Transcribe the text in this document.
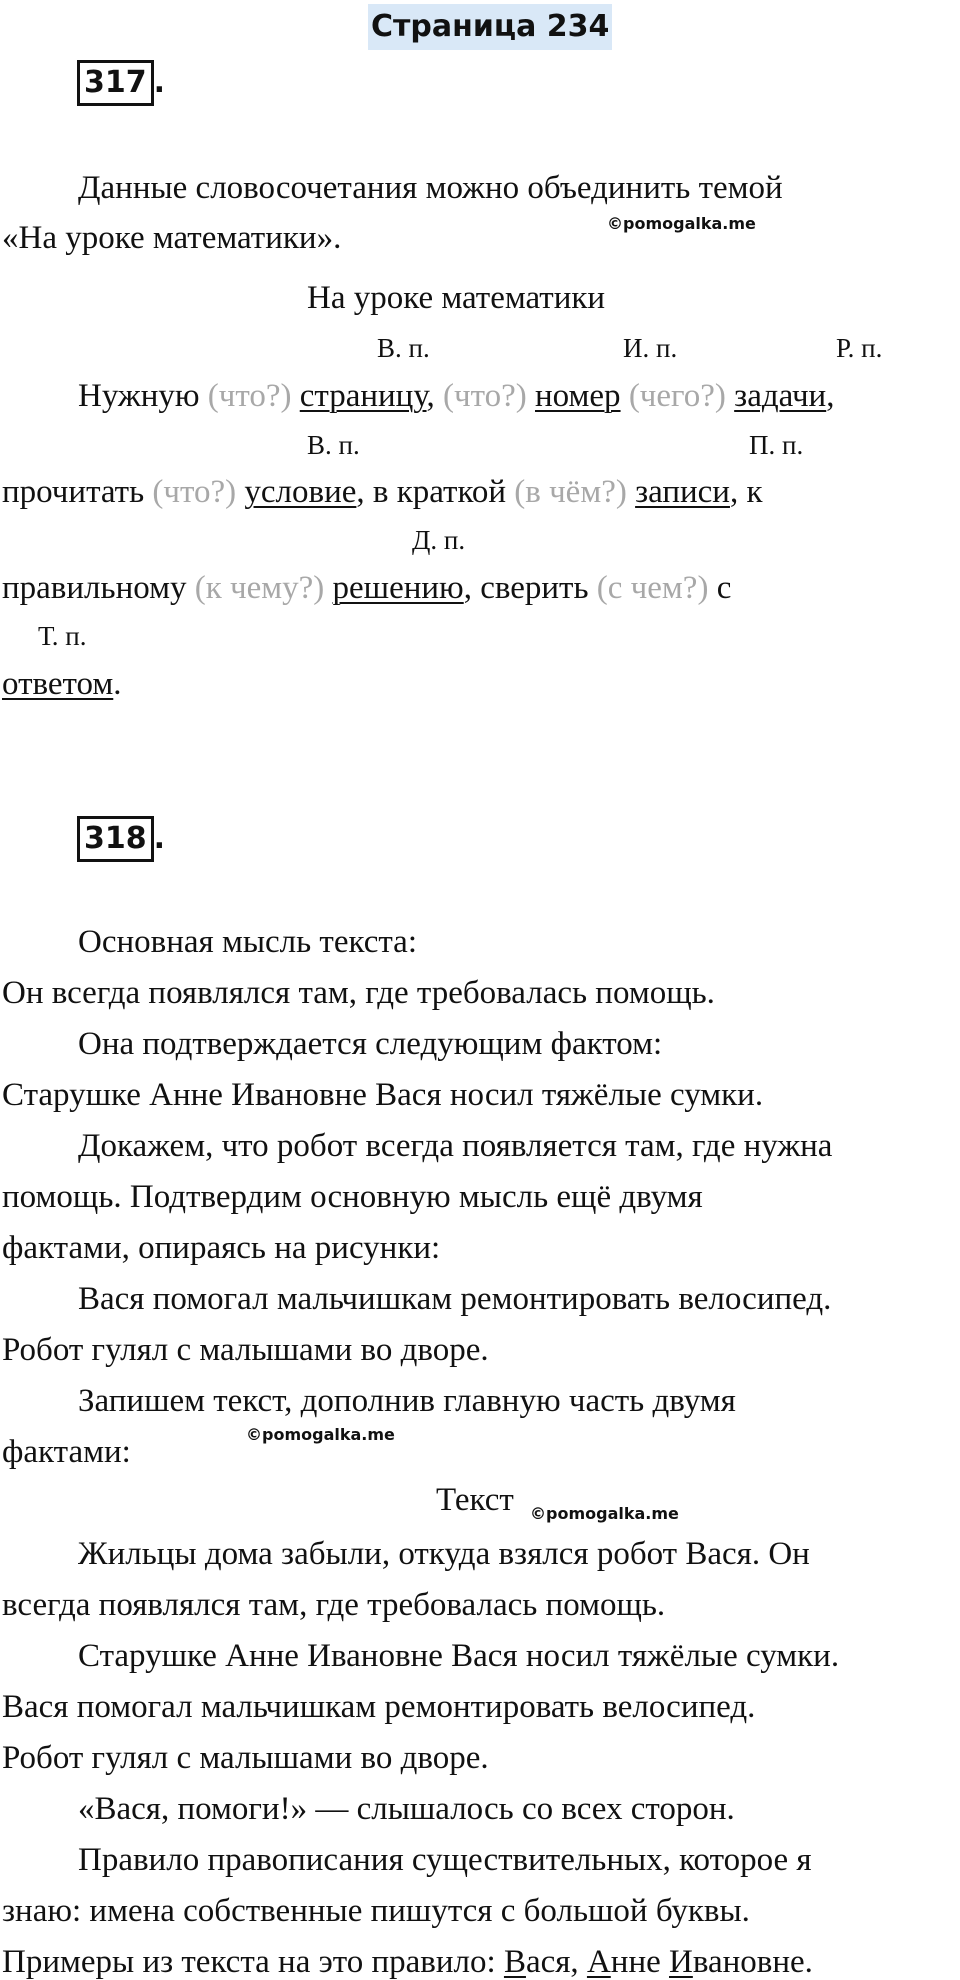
Страница 234
317 .
Данные словосочетания можно объединить темой
«На уроке математики».	©pomogalka.me
На уроке математики
В. п.	И. п.	Р. п.
Нужную (что?) страницу, (что?) номер (чего?) задачи,
В. п.	П. п.
прочитать (что?) условие, в краткой (в чём?) записи, к
Д. п.
правильному (к чему?) решению, сверить (с чем?) с
Т. п.
ответом.
318 .
Основная мысль текста:
Он всегда появлялся там, где требовалась помощь.
Она подтверждается следующим фактом:
Старушке Анне Ивановне Вася носил тяжёлые сумки.
Докажем, что робот всегда появляется там, где нужна
помощь. Подтвердим основную мысль ещё двумя
фактами, опираясь на рисунки:
Вася помогал мальчишкам ремонтировать велосипед.
Робот гулял с малышами во дворе.
Запишем текст, дополнив главную часть двумя
фактами:	©pomogalka.me
Текст ©pomogalka.me
Жильцы дома забыли, откуда взялся робот Вася. Он
всегда появлялся там, где требовалась помощь.
Старушке Анне Ивановне Вася носил тяжёлые сумки.
Вася помогал мальчишкам ремонтировать велосипед.
Робот гулял с малышами во дворе.
«Вася, помоги!» — слышалось со всех сторон.
Правило правописания существительных, которое я
знаю: имена собственные пишутся с большой буквы.
Примеры из текста на это правило: Вася, Анне Ивановне.
